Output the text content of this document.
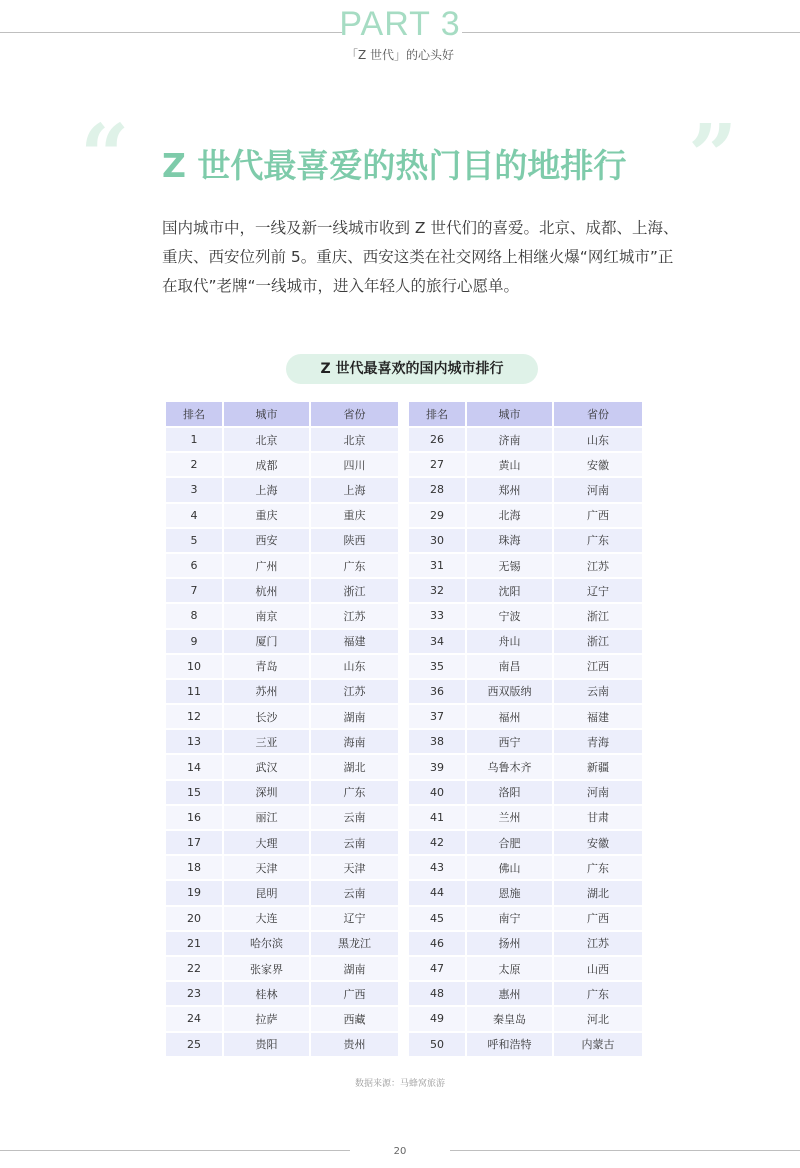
PART 3
「Z 世代」的心头好
“	”
Z 世代最喜爱的热门目的地排行

国内城市中，一线及新一线城市收到 Z 世代们的喜爱。北京、成都、上海、重庆、西安位列前 5。重庆、西安这类在社交网络上相继火爆“网红城市”正在取代”老牌“一线城市，进入年轻人的旅行心愿单。

Z 世代最喜欢的国内城市排行
排名	城市	省份
1	北京	北京
2	成都	四川
3	上海	上海
4	重庆	重庆
5	西安	陕西
6	广州	广东
7	杭州	浙江
8	南京	江苏
9	厦门	福建
10	青岛	山东
11	苏州	江苏
12	长沙	湖南
13	三亚	海南
14	武汉	湖北
15	深圳	广东
16	丽江	云南
17	大理	云南
18	天津	天津
19	昆明	云南
20	大连	辽宁
21	哈尔滨	黑龙江
22	张家界	湖南
23	桂林	广西
24	拉萨	西藏
25	贵阳	贵州
排名	城市	省份
26	济南	山东
27	黄山	安徽
28	郑州	河南
29	北海	广西
30	珠海	广东
31	无锡	江苏
32	沈阳	辽宁
33	宁波	浙江
34	舟山	浙江
35	南昌	江西
36	西双版纳	云南
37	福州	福建
38	西宁	青海
39	乌鲁木齐	新疆
40	洛阳	河南
41	兰州	甘肃
42	合肥	安徽
43	佛山	广东
44	恩施	湖北
45	南宁	广西
46	扬州	江苏
47	太原	山西
48	惠州	广东
49	秦皇岛	河北
50	呼和浩特	内蒙古
数据来源：马蜂窝旅游
20
